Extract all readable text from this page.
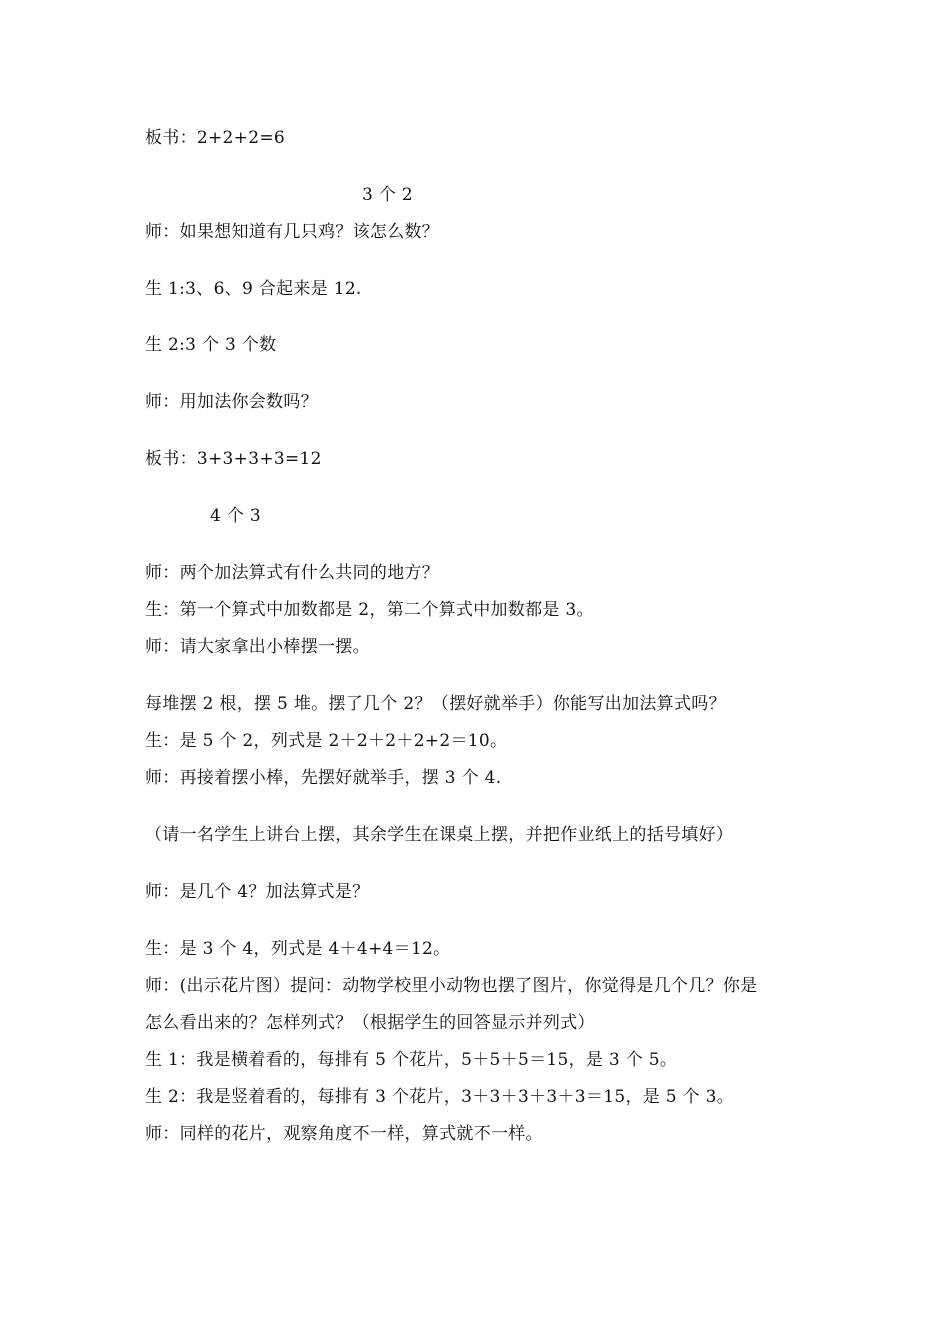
板书：2+2+2=6
3 个 2
师：如果想知道有几只鸡？该怎么数？
生 1:3、6、9 合起来是 12.
生 2:3 个 3 个数
师：用加法你会数吗？
板书：3+3+3+3=12
4 个 3
师：两个加法算式有什么共同的地方？
生：第一个算式中加数都是 2，第二个算式中加数都是 3。
师：请大家拿出小棒摆一摆。
每堆摆 2 根，摆 5 堆。摆了几个 2？（摆好就举手）你能写出加法算式吗？
生：是 5 个 2，列式是 2＋2＋2＋2+2＝10。
师：再接着摆小棒，先摆好就举手，摆 3 个 4.
（请一名学生上讲台上摆，其余学生在课桌上摆，并把作业纸上的括号填好）
师：是几个 4？加法算式是？
生：是 3 个 4，列式是 4＋4+4＝12。
师：(出示花片图）提问：动物学校里小动物也摆了图片，你觉得是几个几？你是
怎么看出来的？怎样列式？（根据学生的回答显示并列式）
生 1：我是横着看的，每排有 5 个花片，5＋5＋5＝15，是 3 个 5。
生 2：我是竖着看的，每排有 3 个花片，3＋3＋3＋3＋3＝15，是 5 个 3。
师：同样的花片，观察角度不一样，算式就不一样。
